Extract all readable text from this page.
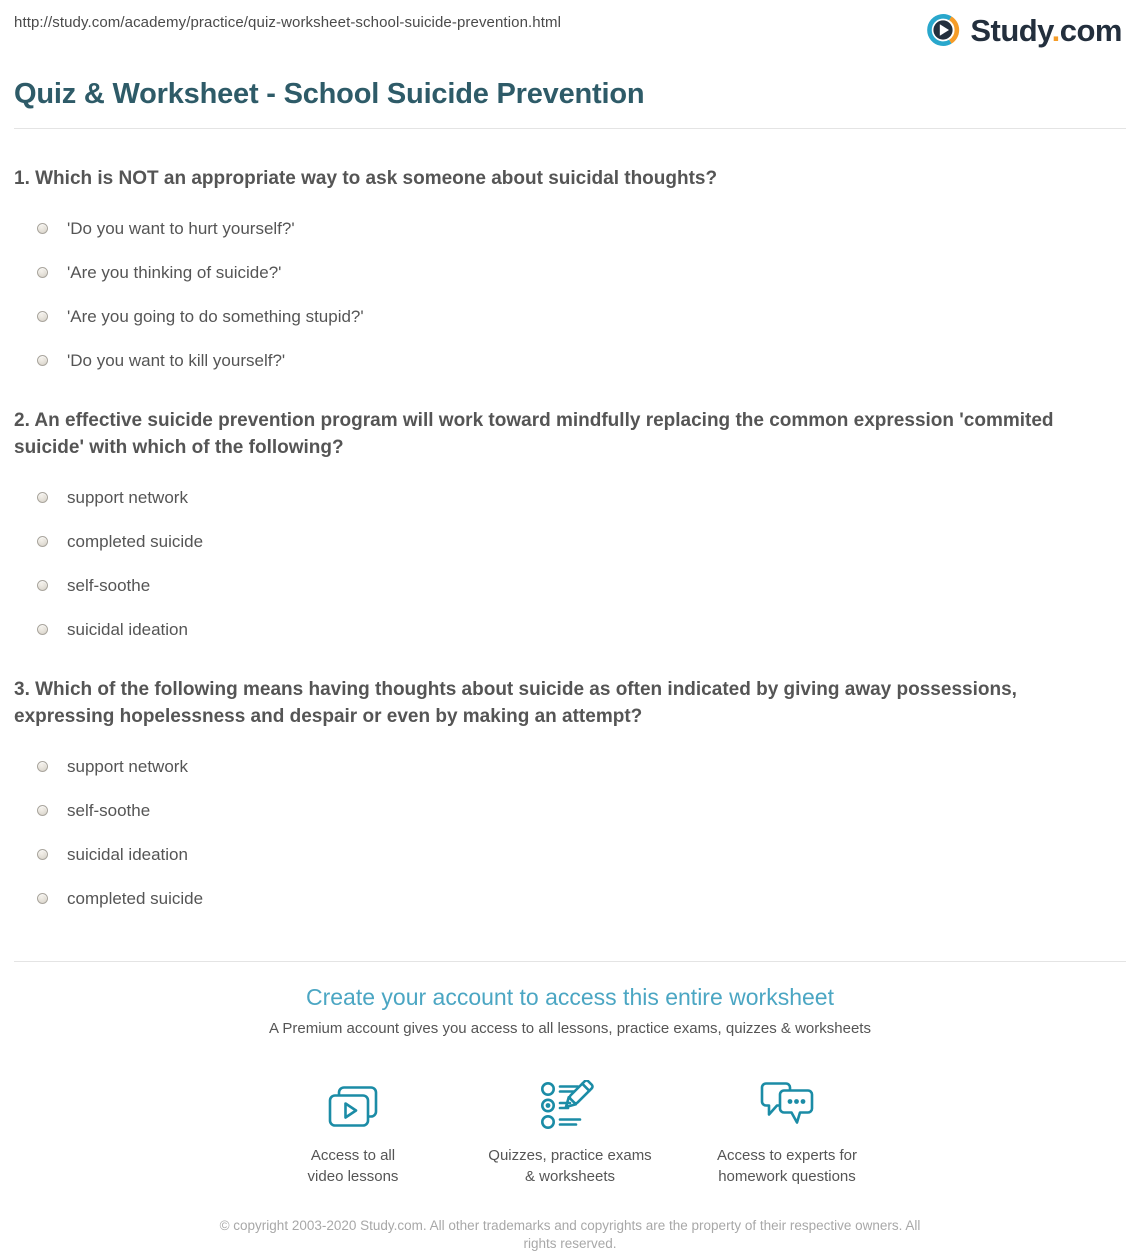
http://study.com/academy/practice/quiz-worksheet-school-suicide-prevention.html	Study.com
Quiz & Worksheet - School Suicide Prevention
1. Which is NOT an appropriate way to ask someone about suicidal thoughts?
'Do you want to hurt yourself?'
'Are you thinking of suicide?'
'Are you going to do something stupid?'
'Do you want to kill yourself?'
2. An effective suicide prevention program will work toward mindfully replacing the common expression 'commited suicide' with which of the following?
support network
completed suicide
self-soothe
suicidal ideation
3. Which of the following means having thoughts about suicide as often indicated by giving away possessions, expressing hopelessness and despair or even by making an attempt?
support network
self-soothe
suicidal ideation
completed suicide
Create your account to access this entire worksheet
A Premium account gives you access to all lessons, practice exams, quizzes & worksheets
Access to all
video lessons
Quizzes, practice exams
& worksheets
Access to experts for
homework questions
© copyright 2003-2020 Study.com. All other trademarks and copyrights are the property of their respective owners. All rights reserved.
